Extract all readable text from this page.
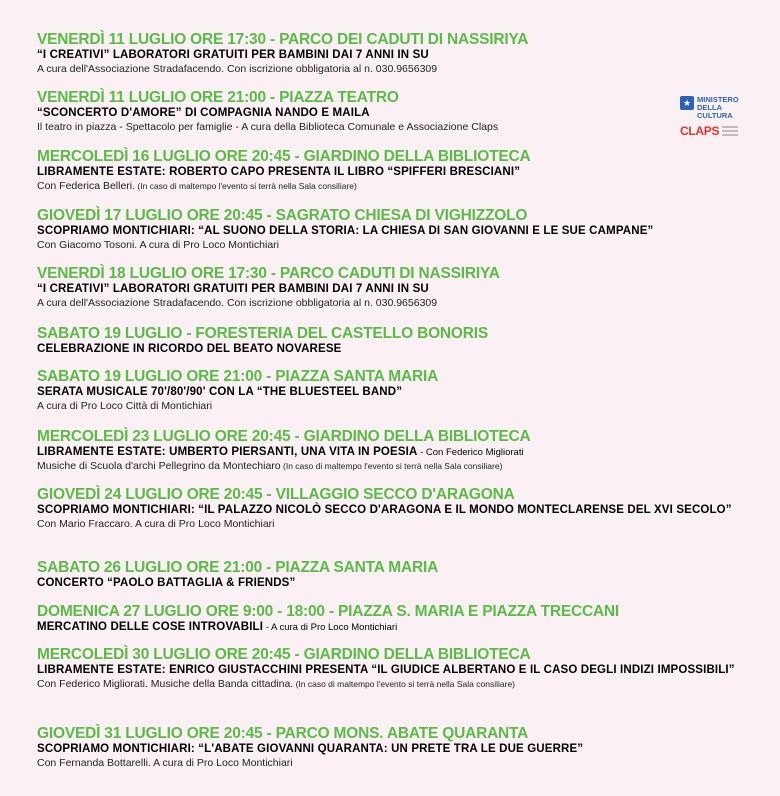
VENERDÌ 11 LUGLIO ORE 17:30 - PARCO DEI CADUTI DI NASSIRIYA
“I CREATIVI” LABORATORI GRATUITI PER BAMBINI DAI 7 ANNI IN SU
A cura dell'Associazione Stradafacendo. Con iscrizione obbligatoria al n. 030.9656309
VENERDÌ 11 LUGLIO ORE 21:00 - PIAZZA TEATRO
“SCONCERTO D'AMORE” DI COMPAGNIA NANDO E MAILA
Il teatro in piazza - Spettacolo per famiglie - A cura della Biblioteca Comunale e Associazione Claps
MERCOLEDÌ 16 LUGLIO ORE 20:45 - GIARDINO DELLA BIBLIOTECA
LIBRAMENTE ESTATE: ROBERTO CAPO PRESENTA IL LIBRO “SPIFFERI BRESCIANI”
Con Federica Belleri. (In caso di maltempo l'evento si terrà nella Sala consiliare)
GIOVEDÌ 17 LUGLIO ORE 20:45 - SAGRATO CHIESA DI VIGHIZZOLO
SCOPRIAMO MONTICHIARI: “AL SUONO DELLA STORIA: LA CHIESA DI SAN GIOVANNI E LE SUE CAMPANE”
Con Giacomo Tosoni. A cura di Pro Loco Montichiari
VENERDÌ 18 LUGLIO ORE 17:30 - PARCO CADUTI DI NASSIRIYA
“I CREATIVI” LABORATORI GRATUITI PER BAMBINI DAI 7 ANNI IN SU
A cura dell'Associazione Stradafacendo. Con iscrizione obbligatoria al n. 030.9656309
SABATO 19 LUGLIO - FORESTERIA DEL CASTELLO BONORIS
CELEBRAZIONE IN RICORDO DEL BEATO NOVARESE
SABATO 19 LUGLIO ORE 21:00 - PIAZZA SANTA MARIA
SERATA MUSICALE 70'/80'/90' CON LA “THE BLUESTEEL BAND”
A cura di Pro Loco Città di Montichiari
MERCOLEDÌ 23 LUGLIO ORE 20:45 - GIARDINO DELLA BIBLIOTECA
LIBRAMENTE ESTATE: UMBERTO PIERSANTI, UNA VITA IN POESIA - Con Federico Migliorati
Musiche di Scuola d'archi Pellegrino da Montechiaro (In caso di maltempo l'evento si terrà nella Sala consiliare)
GIOVEDÌ 24 LUGLIO ORE 20:45 - VILLAGGIO SECCO D'ARAGONA
SCOPRIAMO MONTICHIARI: “IL PALAZZO NICOLÒ SECCO D'ARAGONA E IL MONDO MONTECLARENSE DEL XVI SECOLO”
Con Mario Fraccaro. A cura di Pro Loco Montichiari
SABATO 26 LUGLIO ORE 21:00 - PIAZZA SANTA MARIA
CONCERTO “PAOLO BATTAGLIA & FRIENDS”
DOMENICA 27 LUGLIO ORE 9:00 - 18:00 - PIAZZA S. MARIA E PIAZZA TRECCANI
MERCATINO DELLE COSE INTROVABILI - A cura di Pro Loco Montichiari
MERCOLEDÌ 30 LUGLIO ORE 20:45 - GIARDINO DELLA BIBLIOTECA
LIBRAMENTE ESTATE: ENRICO GIUSTACCHINI PRESENTA “IL GIUDICE ALBERTANO E IL CASO DEGLI INDIZI IMPOSSIBILI”
Con Federico Migliorati. Musiche della Banda cittadina. (In caso di maltempo l'evento si terrà nella Sala consiliare)
GIOVEDÌ 31 LUGLIO ORE 20:45 - PARCO MONS. ABATE QUARANTA
SCOPRIAMO MONTICHIARI: “L'ABATE GIOVANNI QUARANTA: UN PRETE TRA LE DUE GUERRE”
Con Fernanda Bottarelli. A cura di Pro Loco Montichiari
★ MINISTERO DELLA CULTURA
CLAPS
